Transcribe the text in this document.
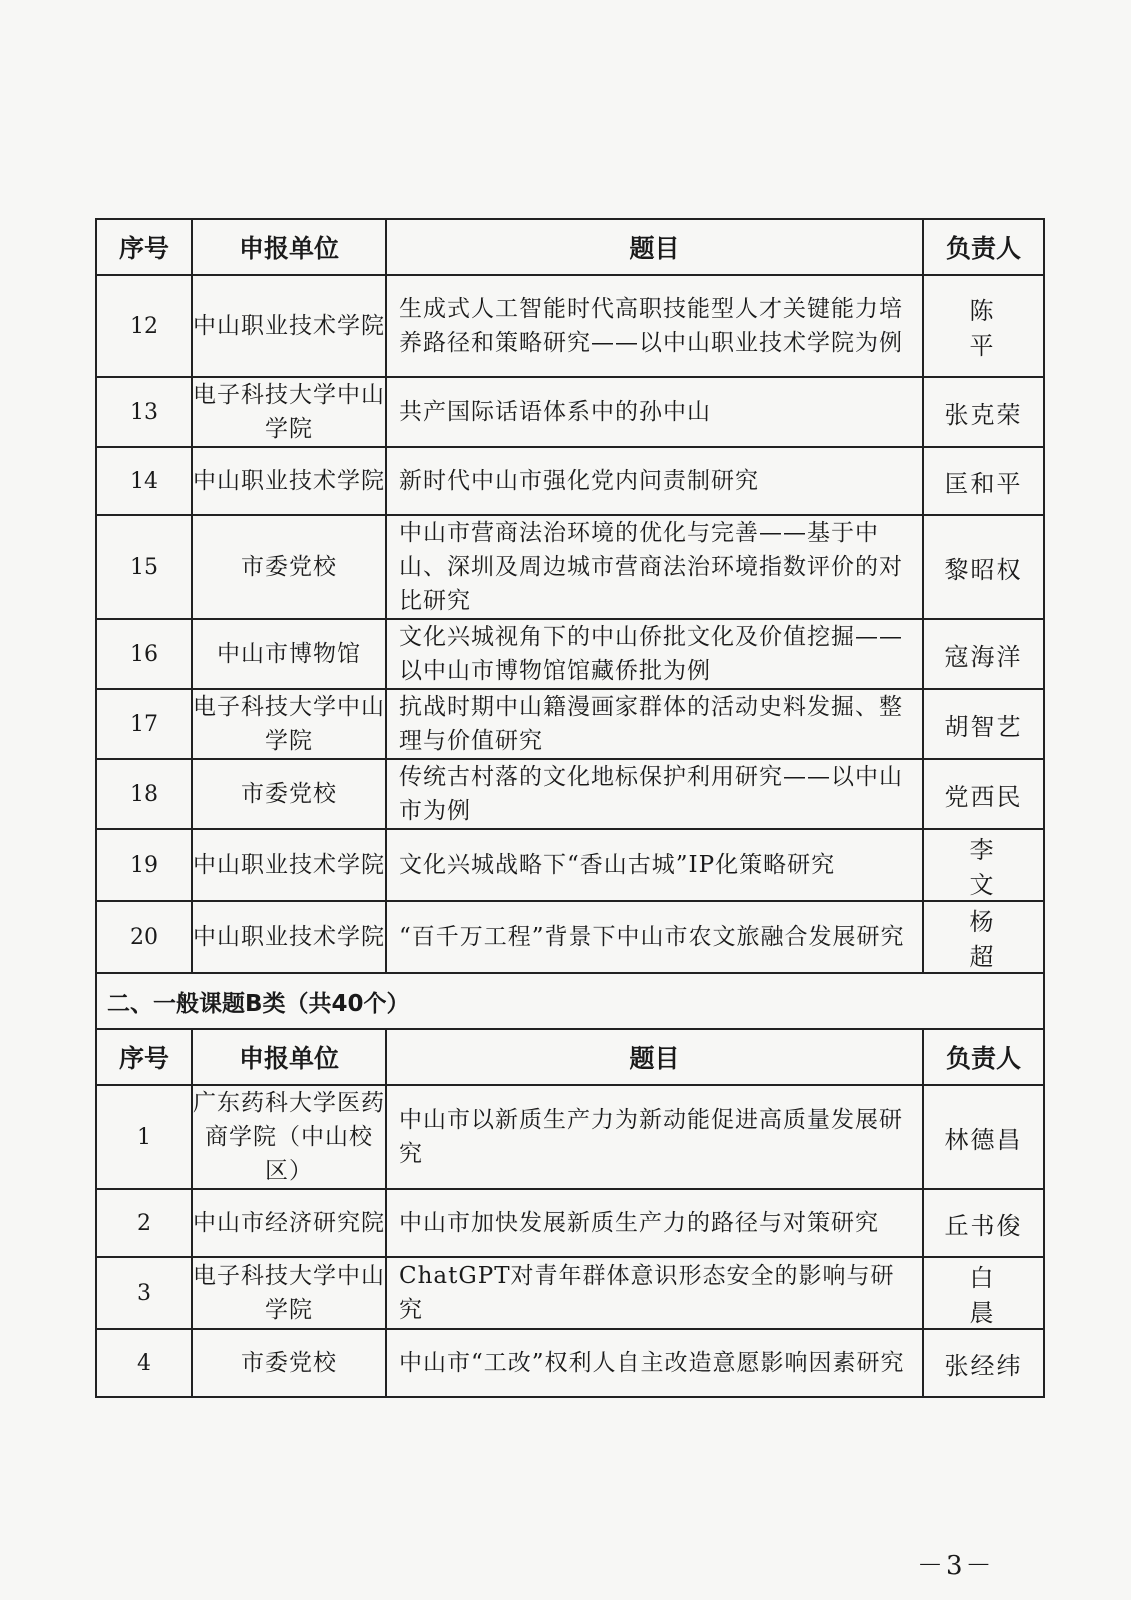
序号	申报单位	题目	负责人
12	中山职业技术学院	生成式人工智能时代高职技能型人才关键能力培养路径和策略研究——以中山职业技术学院为例	陈 平
13	电子科技大学中山学院	共产国际话语体系中的孙中山	张克荣
14	中山职业技术学院	新时代中山市强化党内问责制研究	匡和平
15	市委党校	中山市营商法治环境的优化与完善——基于中山、深圳及周边城市营商法治环境指数评价的对比研究	黎昭权
16	中山市博物馆	文化兴城视角下的中山侨批文化及价值挖掘——以中山市博物馆馆藏侨批为例	寇海洋
17	电子科技大学中山学院	抗战时期中山籍漫画家群体的活动史料发掘、整理与价值研究	胡智艺
18	市委党校	传统古村落的文化地标保护利用研究——以中山市为例	党西民
19	中山职业技术学院	文化兴城战略下“香山古城”IP化策略研究	李 文
20	中山职业技术学院	“百千万工程”背景下中山市农文旅融合发展研究	杨 超
二、一般课题B类（共40个）			
序号	申报单位	题目	负责人
1	广东药科大学医药商学院（中山校区）	中山市以新质生产力为新动能促进高质量发展研究	林德昌
2	中山市经济研究院	中山市加快发展新质生产力的路径与对策研究	丘书俊
3	电子科技大学中山学院	ChatGPT对青年群体意识形态安全的影响与研究	白 晨
4	市委党校	中山市“工改”权利人自主改造意愿影响因素研究	张经纬
－3－
